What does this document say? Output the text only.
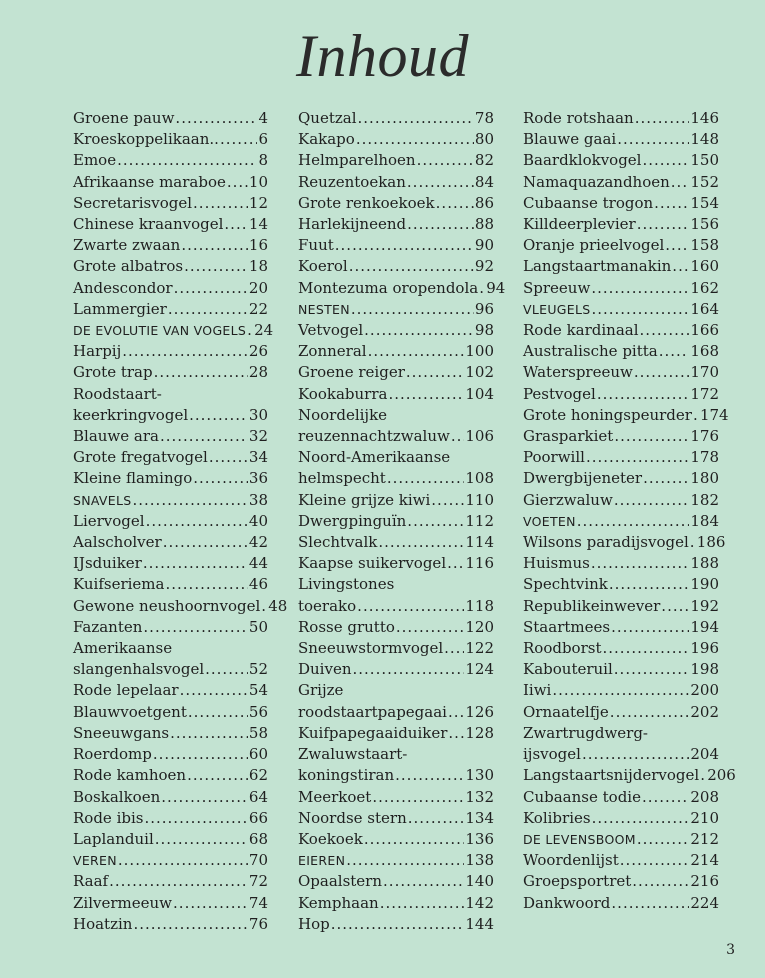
Inhoud
Groene pauw .....	4
Kroeskoppelikaan.. .....	6
Emoe .....	8
Afrikaanse maraboe ..... 10
Secretarisvogel .....	12
Chinese kraanvogel ..... 14
Zwarte zwaan .....	16
Grote albatros .....	18
Andescondor .....	20
Lammergier .....	22
DE EVOLUTIE VAN VOGELS ..... 24
Harpij .....	26
Grote trap .....	28
Roodstaart-
keerkringvogel .....	30
Blauwe ara .....	32
Grote fregatvogel .....	34
Kleine flamingo .....	36
SNAVELS .....	38
Liervogel .....	40
Aalscholver .....	42
IJsduiker .....	44
Kuifseriema .....	46
Gewone neushoornvogel ..... 48
Fazanten .....	50
Amerikaanse
slangenhalsvogel .....	52
Rode lepelaar .....	54
Blauwvoetgent .....	56
Sneeuwgans .....	58
Roerdomp .....	60
Rode kamhoen .....	62
Boskalkoen .....	64
Rode ibis .....	66
Laplanduil .....	68
VEREN .....	70
Raaf .....	72
Zilvermeeuw .....	74
Hoatzin .....	76
Quetzal .....	78
Kakapo .....	80
Helmparelhoen .....	82
Reuzentoekan .....	84
Grote renkoekoek .....	86
Harlekijneend .....	88
Fuut .....	90
Koerol .....	92
Montezuma oropendola ..... 94
NESTEN .....	96
Vetvogel .....	98
Zonneral .....	100
Groene reiger .....	102
Kookaburra .....	104
Noordelijke
reuzennachtzwaluw ..... 106
Noord-Amerikaanse
helmspecht .....	108
Kleine grijze kiwi ..... 110
Dwergpinguïn .....	112
Slechtvalk .....	114
Kaapse suikervogel ..... 116
Livingstones
toerako .....	118
Rosse grutto .....	120
Sneeuwstormvogel ..... 122
Duiven .....	124
Grijze
roodstaartpapegaai ..... 126
Kuifpapegaaiduiker ..... 128
Zwaluwstaart-
koningstiran .....	130
Meerkoet .....	132
Noordse stern .....	134
Koekoek .....	136
EIEREN .....	138
Opaalstern .....	140
Kemphaan .....	142
Hop .....	144
Rode rotshaan .....	146
Blauwe gaai .....	148
Baardklokvogel .....	150
Namaquazandhoen ..... 152
Cubaanse trogon ..... 154
Killdeerplevier .....	156
Oranje prieelvogel ..... 158
Langstaartmanakin ..... 160
Spreeuw .....	162
VLEUGELS .....	164
Rode kardinaal .....	166
Australische pitta ..... 168
Waterspreeuw .....	170
Pestvogel .....	172
Grote honingspeurder ..... 174
Grasparkiet .....	176
Poorwill .....	178
Dwergbijeneter .....	180
Gierzwaluw .....	182
VOETEN .....	184
Wilsons paradijsvogel ..... 186
Huismus .....	188
Spechtvink .....	190
Republikeinwever ..... 192
Staartmees .....	194
Roodborst .....	196
Kabouteruil .....	198
Iiwi .....	200
Ornaatelfje .....	202
Zwartrugdwerg-
ijsvogel .....	204
Langstaartsnijdervogel ..... 206
Cubaanse todie .....	208
Kolibries .....	210
DE LEVENSBOOM .....	212
Woordenlijst .....	214
Groepsportret .....	216
Dankwoord .....	224
3
